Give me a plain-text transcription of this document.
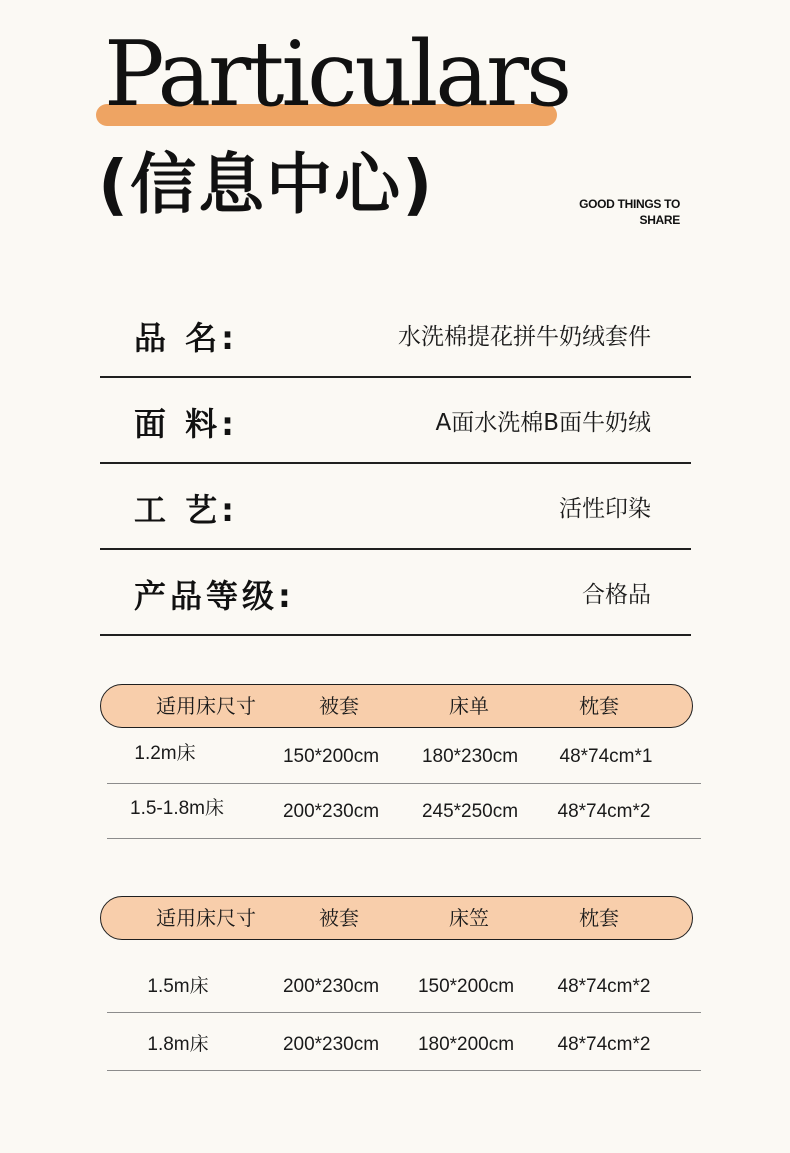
Particulars
(信息中心)	GOOD THINGS TO
SHARE
品 名:	水洗棉提花拼牛奶绒套件
面 料:	A面水洗棉B面牛奶绒
工 艺:	活性印染
产品等级:	合格品
适用床尺寸	被套	床单	枕套
1.2m床	150*200cm 180*230cm 48*74cm*1
1.5-1.8m床	200*230cm 245*250cm 48*74cm*2
适用床尺寸	被套	床笠	枕套
1.5m床	200*230cm 150*200cm 48*74cm*2
1.8m床	200*230cm 180*200cm 48*74cm*2
